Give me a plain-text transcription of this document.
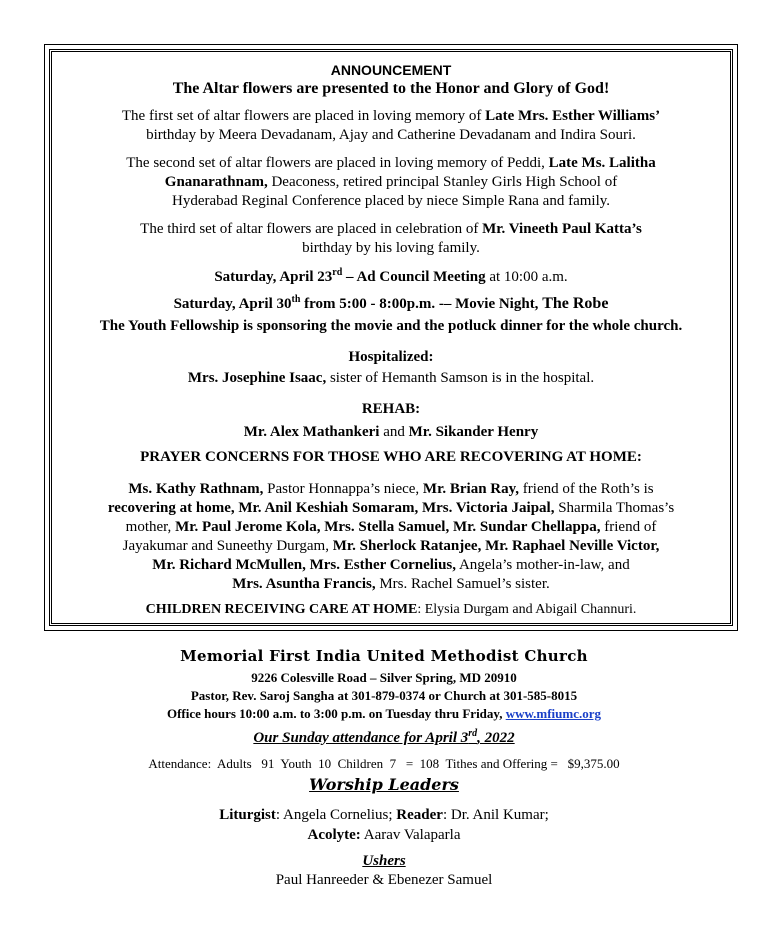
ANNOUNCEMENT
The Altar flowers are presented to the Honor and Glory of God!
The first set of altar flowers are placed in loving memory of Late Mrs. Esther Williams’
birthday by Meera Devadanam, Ajay and Catherine Devadanam and Indira Souri.
The second set of altar flowers are placed in loving memory of Peddi, Late Ms. Lalitha
Gnanarathnam, Deaconess, retired principal Stanley Girls High School of
Hyderabad Reginal Conference placed by niece Simple Rana and family.
The third set of altar flowers are placed in celebration of Mr. Vineeth Paul Katta’s
birthday by his loving family.
Saturday, April 23rd – Ad Council Meeting at 10:00 a.m.
Saturday, April 30th from 5:00 - 8:00p.m. -– Movie Night, The Robe
The Youth Fellowship is sponsoring the movie and the potluck dinner for the whole church.
Hospitalized:
Mrs. Josephine Isaac, sister of Hemanth Samson is in the hospital.
REHAB:
Mr. Alex Mathankeri and Mr. Sikander Henry
PRAYER CONCERNS FOR THOSE WHO ARE RECOVERING AT HOME:
Ms. Kathy Rathnam, Pastor Honnappa’s niece, Mr. Brian Ray, friend of the Roth’s is
recovering at home, Mr. Anil Keshiah Somaram, Mrs. Victoria Jaipal, Sharmila Thomas’s
mother, Mr. Paul Jerome Kola, Mrs. Stella Samuel, Mr. Sundar Chellappa, friend of
Jayakumar and Suneethy Durgam, Mr. Sherlock Ratanjee, Mr. Raphael Neville Victor,
Mr. Richard McMullen, Mrs. Esther Cornelius, Angela’s mother-in-law, and
Mrs. Asuntha Francis, Mrs. Rachel Samuel’s sister.
CHILDREN RECEIVING CARE AT HOME: Elysia Durgam and Abigail Channuri.
Memorial First India United Methodist Church
9226 Colesville Road – Silver Spring, MD 20910
Pastor, Rev. Saroj Sangha at 301-879-0374 or Church at 301-585-8015
Office hours 10:00 a.m. to 3:00 p.m. on Tuesday thru Friday, www.mfiumc.org
Our Sunday attendance for April 3rd, 2022
Attendance:  Adults   91  Youth  10  Children  7   =  108  Tithes and Offering =   $9,375.00
Worship Leaders
Liturgist: Angela Cornelius; Reader: Dr. Anil Kumar;
Acolyte: Aarav Valaparla
Ushers
Paul Hanreeder & Ebenezer Samuel
